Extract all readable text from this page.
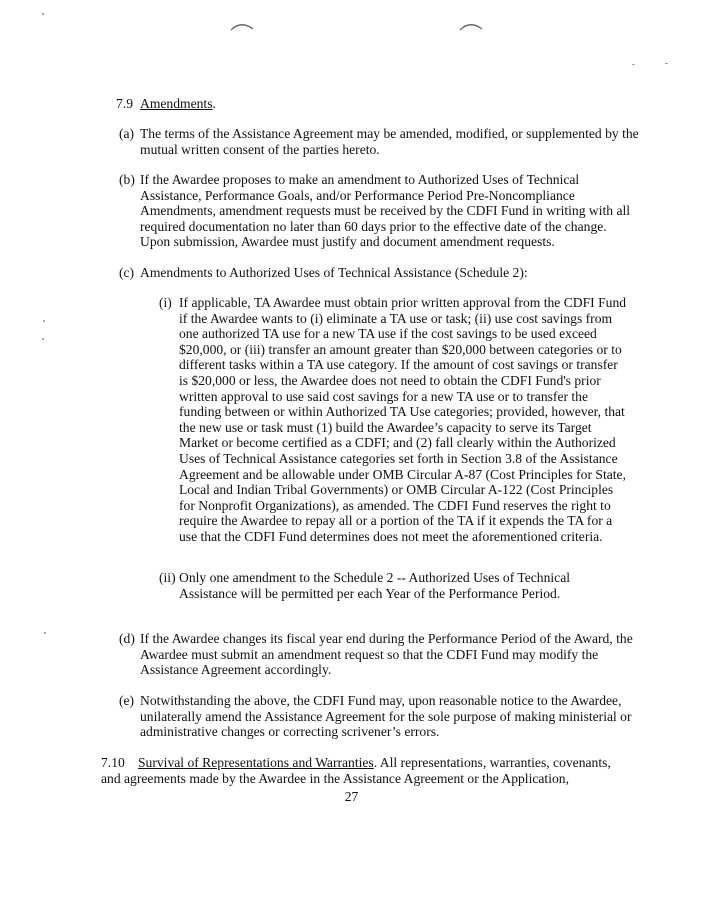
7.9 Amendments.
(a) The terms of the Assistance Agreement may be amended, modified, or supplemented by the mutual written consent of the parties hereto.
(b) If the Awardee proposes to make an amendment to Authorized Uses of Technical Assistance, Performance Goals, and/or Performance Period Pre-Noncompliance Amendments, amendment requests must be received by the CDFI Fund in writing with all required documentation no later than 60 days prior to the effective date of the change. Upon submission, Awardee must justify and document amendment requests.
(c) Amendments to Authorized Uses of Technical Assistance (Schedule 2):
(i) If applicable, TA Awardee must obtain prior written approval from the CDFI Fund if the Awardee wants to (i) eliminate a TA use or task; (ii) use cost savings from one authorized TA use for a new TA use if the cost savings to be used exceed $20,000, or (iii) transfer an amount greater than $20,000 between categories or to different tasks within a TA use category. If the amount of cost savings or transfer is $20,000 or less, the Awardee does not need to obtain the CDFI Fund's prior written approval to use said cost savings for a new TA use or to transfer the funding between or within Authorized TA Use categories; provided, however, that the new use or task must (1) build the Awardee’s capacity to serve its Target Market or become certified as a CDFI; and (2) fall clearly within the Authorized Uses of Technical Assistance categories set forth in Section 3.8 of the Assistance Agreement and be allowable under OMB Circular A-87 (Cost Principles for State, Local and Indian Tribal Governments) or OMB Circular A-122 (Cost Principles for Nonprofit Organizations), as amended. The CDFI Fund reserves the right to require the Awardee to repay all or a portion of the TA if it expends the TA for a use that the CDFI Fund determines does not meet the aforementioned criteria.
(ii) Only one amendment to the Schedule 2 -- Authorized Uses of Technical Assistance will be permitted per each Year of the Performance Period.
(d) If the Awardee changes its fiscal year end during the Performance Period of the Award, the Awardee must submit an amendment request so that the CDFI Fund may modify the Assistance Agreement accordingly.
(e) Notwithstanding the above, the CDFI Fund may, upon reasonable notice to the Awardee, unilaterally amend the Assistance Agreement for the sole purpose of making ministerial or administrative changes or correcting scrivener’s errors.
7.10 Survival of Representations and Warranties. All representations, warranties, covenants, and agreements made by the Awardee in the Assistance Agreement or the Application,
27
